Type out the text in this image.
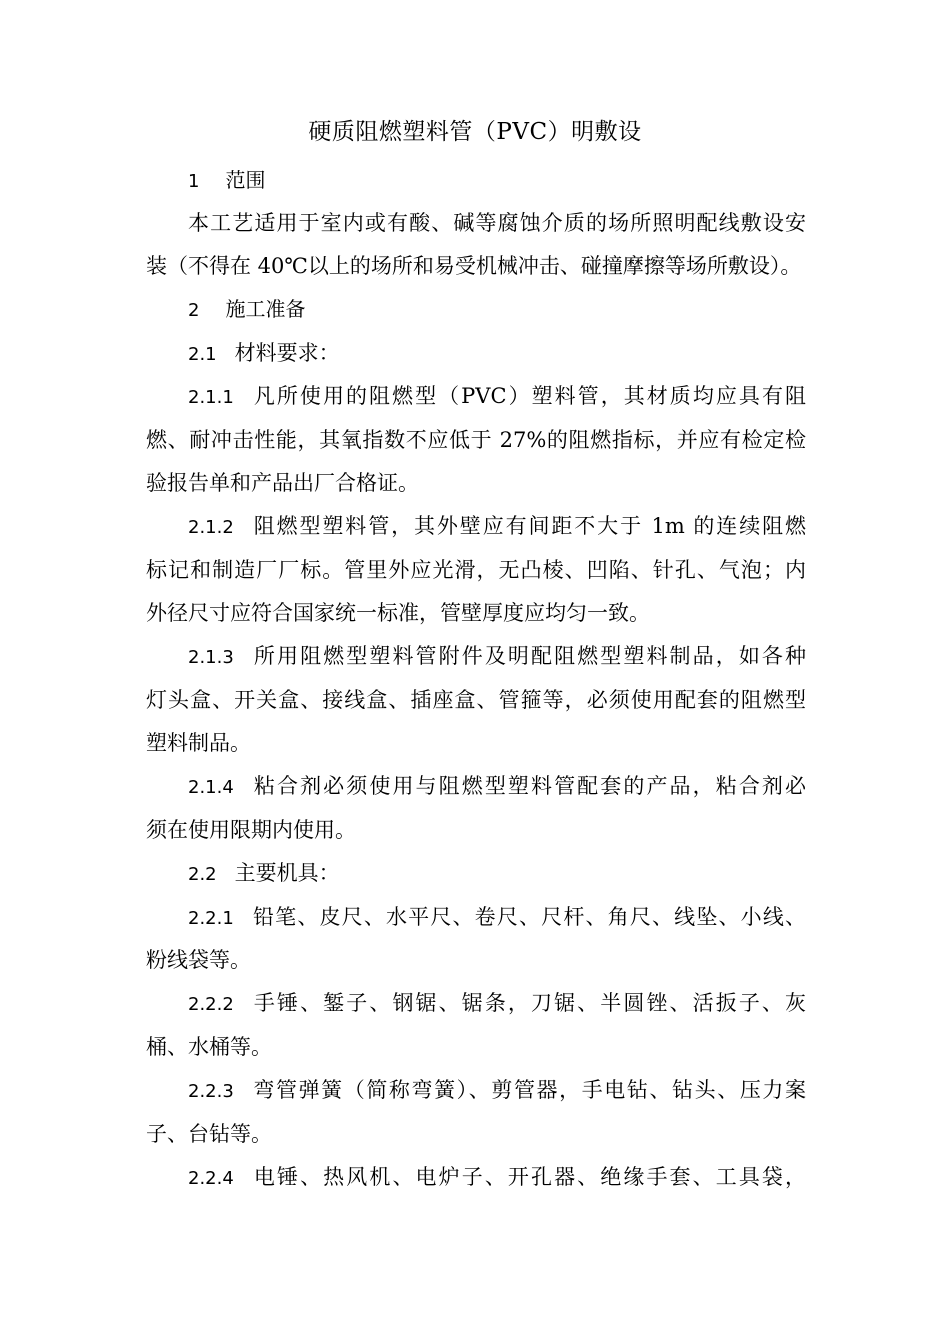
硬质阻燃塑料管（PVC）明敷设
1 范围
本工艺适用于室内或有酸、碱等腐蚀介质的场所照明配线敷设安
装（不得在 40℃以上的场所和易受机械冲击、碰撞摩擦等场所敷设）。
2 施工准备
2.1 材料要求：
2.1.1 凡所使用的阻燃型（PVC）塑料管，其材质均应具有阻
燃、耐冲击性能，其氧指数不应低于 27%的阻燃指标，并应有检定检
验报告单和产品出厂合格证。
2.1.2 阻燃型塑料管，其外壁应有间距不大于 1m 的连续阻燃
标记和制造厂厂标。管里外应光滑，无凸棱、凹陷、针孔、气泡；内
外径尺寸应符合国家统一标准，管壁厚度应均匀一致。
2.1.3 所用阻燃型塑料管附件及明配阻燃型塑料制品，如各种
灯头盒、开关盒、接线盒、插座盒、管箍等，必须使用配套的阻燃型
塑料制品。
2.1.4 粘合剂必须使用与阻燃型塑料管配套的产品，粘合剂必
须在使用限期内使用。
2.2 主要机具：
2.2.1 铅笔、皮尺、水平尺、卷尺、尺杆、角尺、线坠、小线、
粉线袋等。
2.2.2 手锤、錾子、钢锯、锯条，刀锯、半圆锉、活扳子、灰
桶、水桶等。
2.2.3 弯管弹簧（简称弯簧）、剪管器，手电钻、钻头、压力案
子、台钻等。
2.2.4 电锤、热风机、电炉子、开孔器、绝缘手套、工具袋，
